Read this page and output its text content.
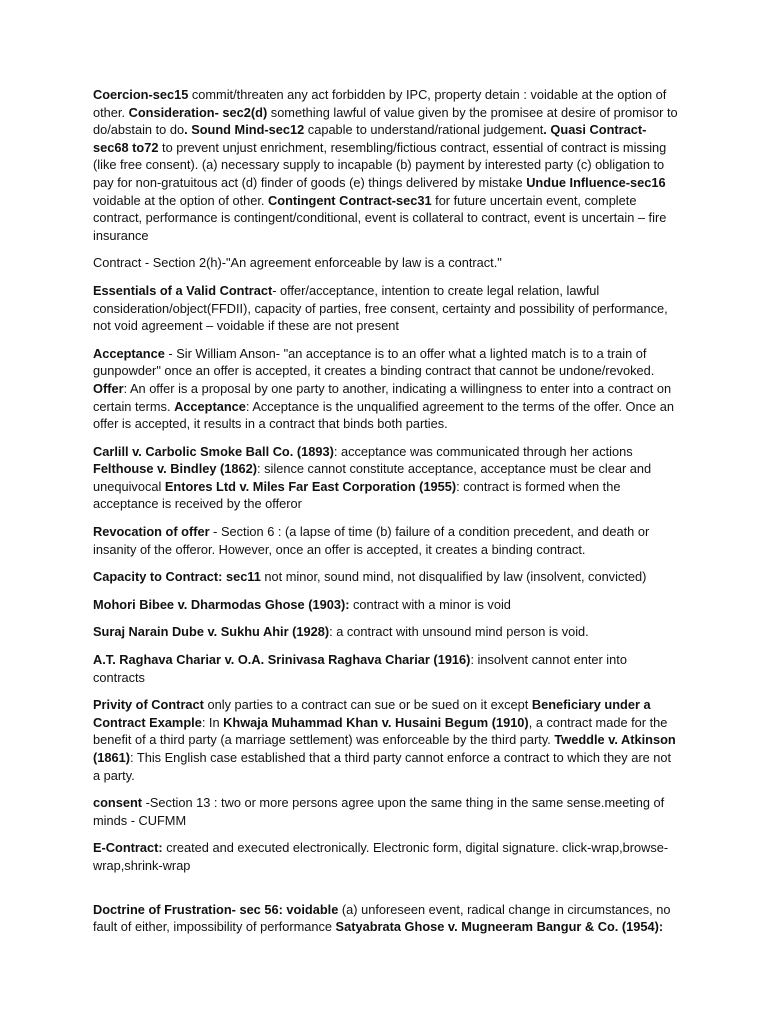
Coercion-sec15 commit/threaten any act forbidden by IPC, property detain : voidable at the option of other. Consideration- sec2(d) something lawful of value given by the promisee at desire of promisor to do/abstain to do. Sound Mind-sec12 capable to understand/rational judgement. Quasi Contract-sec68 to72 to prevent unjust enrichment, resembling/fictious contract, essential of contract is missing (like free consent). (a) necessary supply to incapable (b) payment by interested party (c) obligation to pay for non-gratuitous act (d) finder of goods (e) things delivered by mistake Undue Influence-sec16 voidable at the option of other. Contingent Contract-sec31 for future uncertain event, complete contract, performance is contingent/conditional, event is collateral to contract, event is uncertain – fire insurance

Contract - Section 2(h)-"An agreement enforceable by law is a contract."

Essentials of a Valid Contract- offer/acceptance, intention to create legal relation, lawful consideration/object(FFDII), capacity of parties, free consent, certainty and possibility of performance, not void agreement – voidable if these are not present

Acceptance - Sir William Anson- "an acceptance is to an offer what a lighted match is to a train of gunpowder" once an offer is accepted, it creates a binding contract that cannot be undone/revoked. Offer: An offer is a proposal by one party to another, indicating a willingness to enter into a contract on certain terms. Acceptance: Acceptance is the unqualified agreement to the terms of the offer. Once an offer is accepted, it results in a contract that binds both parties.

Carlill v. Carbolic Smoke Ball Co. (1893): acceptance was communicated through her actions Felthouse v. Bindley (1862): silence cannot constitute acceptance, acceptance must be clear and unequivocal Entores Ltd v. Miles Far East Corporation (1955): contract is formed when the acceptance is received by the offeror

Revocation of offer - Section 6 : (a lapse of time (b) failure of a condition precedent, and death or insanity of the offeror. However, once an offer is accepted, it creates a binding contract.

Capacity to Contract: sec11 not minor, sound mind, not disqualified by law (insolvent, convicted)

Mohori Bibee v. Dharmodas Ghose (1903): contract with a minor is void

Suraj Narain Dube v. Sukhu Ahir (1928): a contract with unsound mind person is void.

A.T. Raghava Chariar v. O.A. Srinivasa Raghava Chariar (1916): insolvent cannot enter into contracts

Privity of Contract only parties to a contract can sue or be sued on it except Beneficiary under a Contract Example: In Khwaja Muhammad Khan v. Husaini Begum (1910), a contract made for the benefit of a third party (a marriage settlement) was enforceable by the third party. Tweddle v. Atkinson (1861): This English case established that a third party cannot enforce a contract to which they are not a party.

consent -Section 13 : two or more persons agree upon the same thing in the same sense.meeting of minds - CUFMM

E-Contract: created and executed electronically. Electronic form, digital signature. click-wrap,browse-wrap,shrink-wrap

Doctrine of Frustration- sec 56: voidable (a) unforeseen event, radical change in circumstances, no fault of either, impossibility of performance Satyabrata Ghose v. Mugneeram Bangur & Co. (1954):
